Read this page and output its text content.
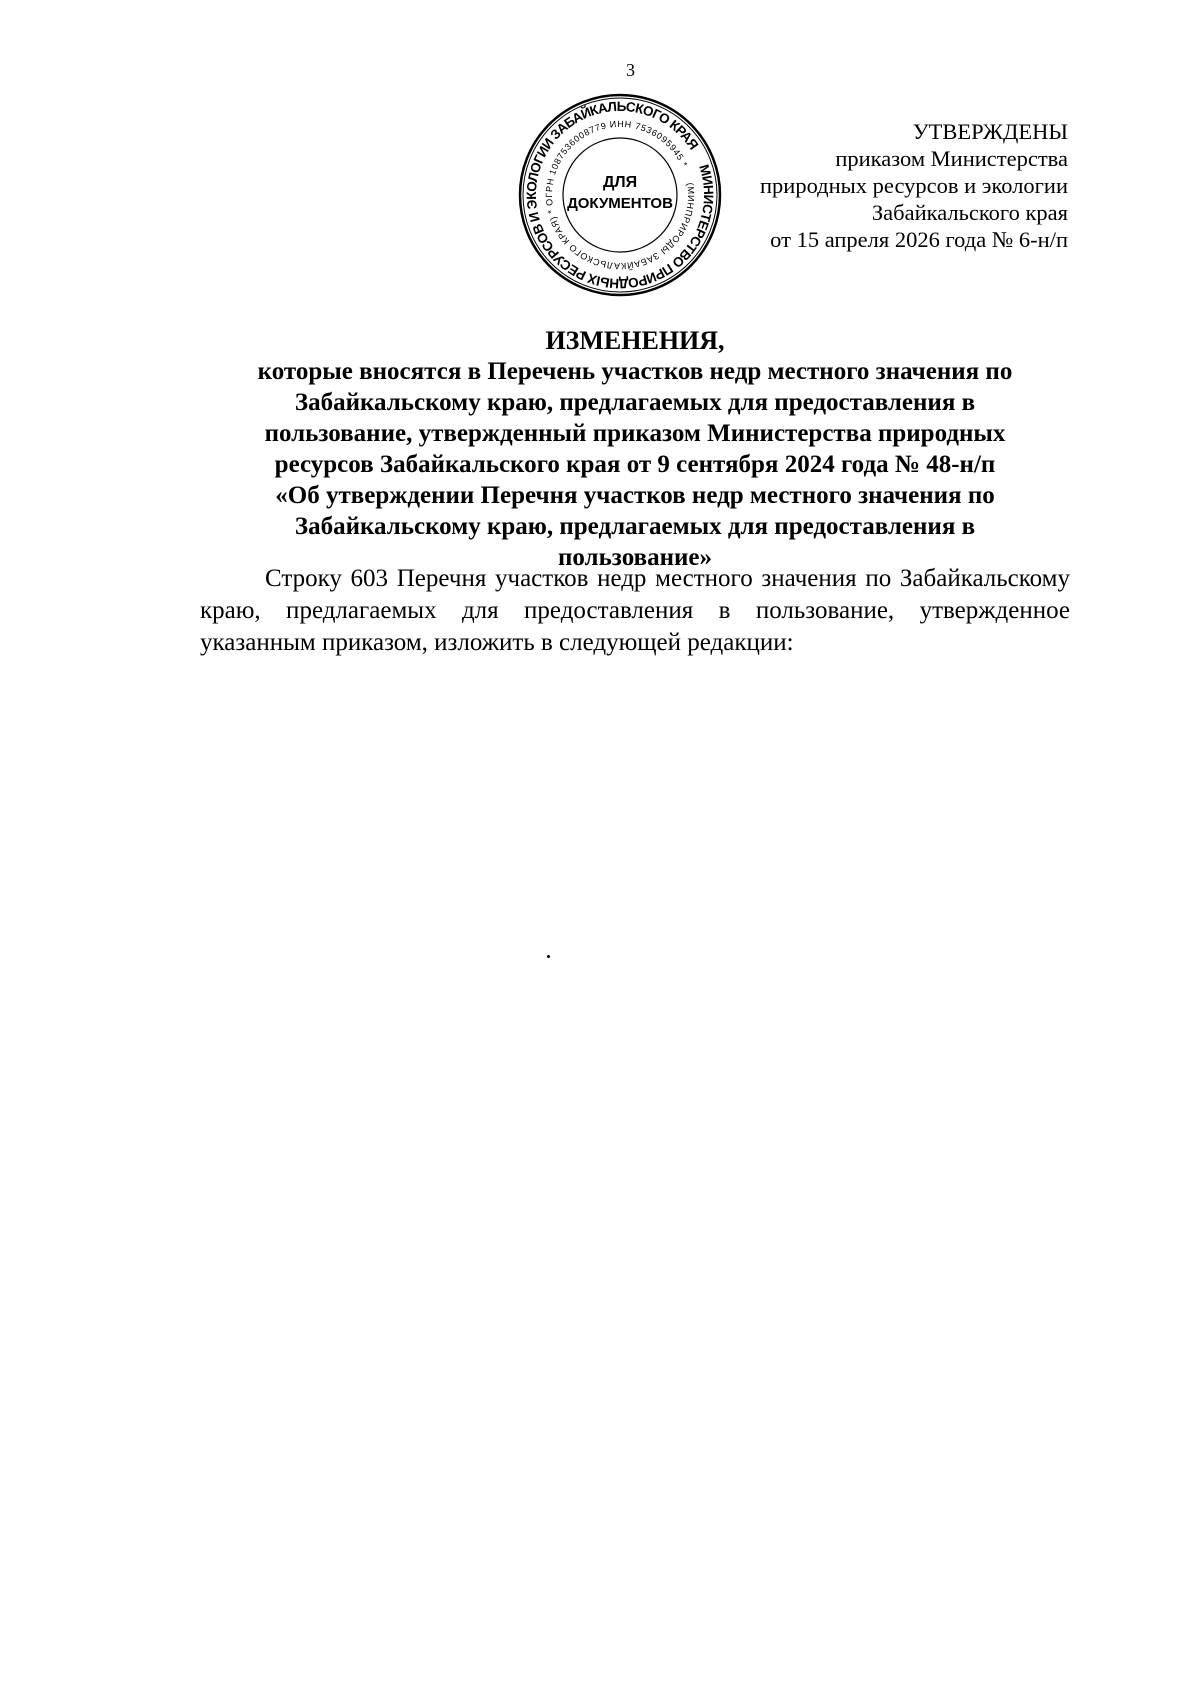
3
УТВЕРЖДЕНЫ
приказом Министерства
природных ресурсов и экологии
Забайкальского края
от 15 апреля 2026 года № 6-н/п
МИНИСТЕРСТВО ПРИРОДНЫХ РЕСУРСОВ И ЭКОЛОГИИ ЗАБАЙКАЛЬСКОГО КРАЯ
(МИНПРИРОДЫ ЗАБАЙКАЛЬСКОГО КРАЯ) * ОГРН 1087536008779 ИНН 7536095945 *
ДЛЯ
ДОКУМЕНТОВ
ИЗМЕНЕНИЯ,
которые вносятся в Перечень участков недр местного значения по
Забайкальскому краю, предлагаемых для предоставления в
пользование, утвержденный приказом Министерства природных
ресурсов Забайкальского края от 9 сентября 2024 года № 48-н/п
«Об утверждении Перечня участков недр местного значения по
Забайкальскому краю, предлагаемых для предоставления в
пользование»

Строку 603 Перечня участков недр местного значения по Забайкальскому краю, предлагаемых для предоставления в пользование, утвержденное указанным приказом, изложить в следующей редакции:
